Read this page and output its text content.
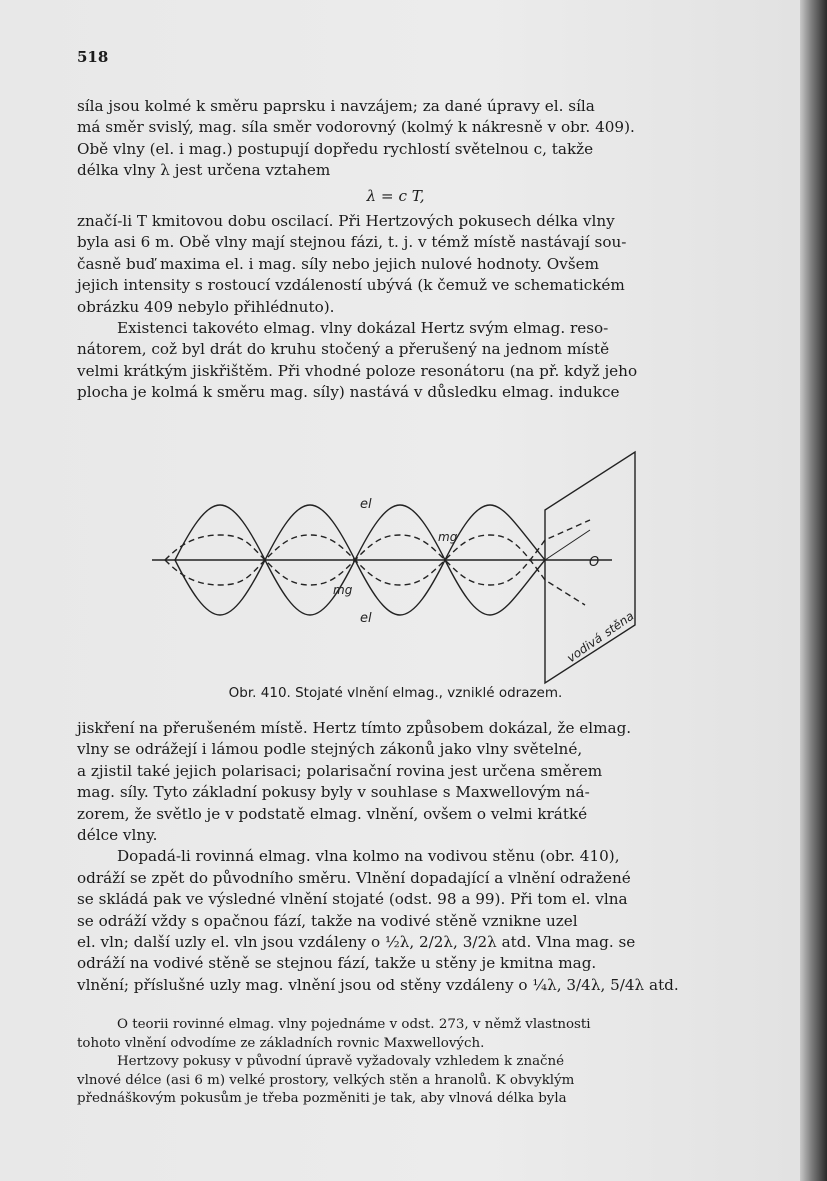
518

síla jsou kolmé k směru paprsku i navzájem; za dané úpravy el. síla

má směr svislý, mag. síla směr vodorovný (kolmý k nákresně v obr. 409).

Obě vlny (el. i mag.) postupují dopředu rychlostí světelnou c, takže

délka vlny λ jest určena vztahem

λ = c T,

značí-li T kmitovou dobu oscilací. Při Hertzových pokusech délka vlny

byla asi 6 m. Obě vlny mají stejnou fázi, t. j. v témž místě nastávají sou-

časně buď maxima el. i mag. síly nebo jejich nulové hodnoty. Ovšem

jejich intensity s rostoucí vzdáleností ubývá (k čemuž ve schematickém

obrázku 409 nebylo přihlédnuto).

Existenci takovéto elmag. vlny dokázal Hertz svým elmag. reso-

nátorem, což byl drát do kruhu stočený a přerušený na jednom místě

velmi krátkým jiskřištěm. Při vhodné poloze resonátoru (na př. když jeho

plocha je kolmá k směru mag. síly) nastává v důsledku elmag. indukce

el
el
mg
mg
O
vodivá
stěna
Obr. 410. Stojaté vlnění elmag., vzniklé odrazem.

jiskření na přerušeném místě. Hertz tímto způsobem dokázal, že elmag.

vlny se odrážejí i lámou podle stejných zákonů jako vlny světelné,

a zjistil také jejich polarisaci; polarisační rovina jest určena směrem

mag. síly. Tyto základní pokusy byly v souhlase s Maxwellovým ná-

zorem, že světlo je v podstatě elmag. vlnění, ovšem o velmi krátké

délce vlny.

Dopadá-li rovinná elmag. vlna kolmo na vodivou stěnu (obr. 410),

odráží se zpět do původního směru. Vlnění dopadající a vlnění odražené

se skládá pak ve výsledné vlnění stojaté (odst. 98 a 99). Při tom el. vlna

se odráží vždy s opačnou fází, takže na vodivé stěně vznikne uzel

el. vln; další uzly el. vln jsou vzdáleny o ½λ, 2/2λ, 3/2λ atd. Vlna mag. se

odráží na vodivé stěně se stejnou fází, takže u stěny je kmitna mag.

vlnění; příslušné uzly mag. vlnění jsou od stěny vzdáleny o ¼λ, 3/4λ, 5/4λ atd.

O teorii rovinné elmag. vlny pojednáme v odst. 273, v němž vlastnosti

tohoto vlnění odvodíme ze základních rovnic Maxwellových.

Hertzovy pokusy v původní úpravě vyžadovaly vzhledem k značné

vlnové délce (asi 6 m) velké prostory, velkých stěn a hranolů. K obvyklým

přednáškovým pokusům je třeba pozměniti je tak, aby vlnová délka byla
